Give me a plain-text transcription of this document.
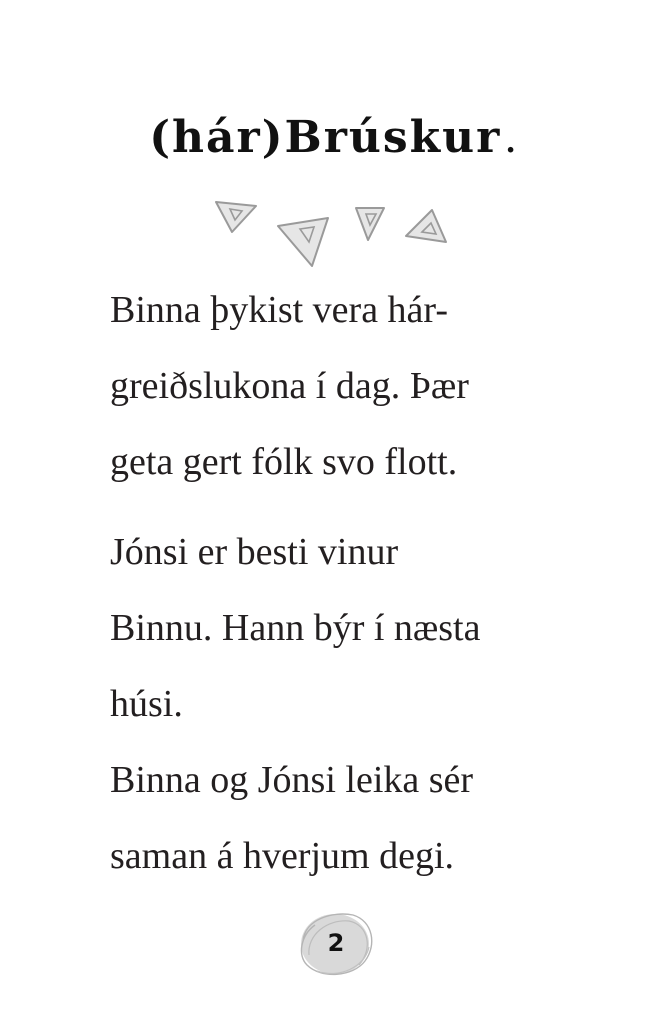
(hár)Brúskur .
Binna þykist vera hár-
greiðslukona í dag. Þær
geta gert fólk svo flott.
Jónsi er besti vinur
Binnu. Hann býr í næsta
húsi.
Binna og Jónsi leika sér
saman á hverjum degi.
2
